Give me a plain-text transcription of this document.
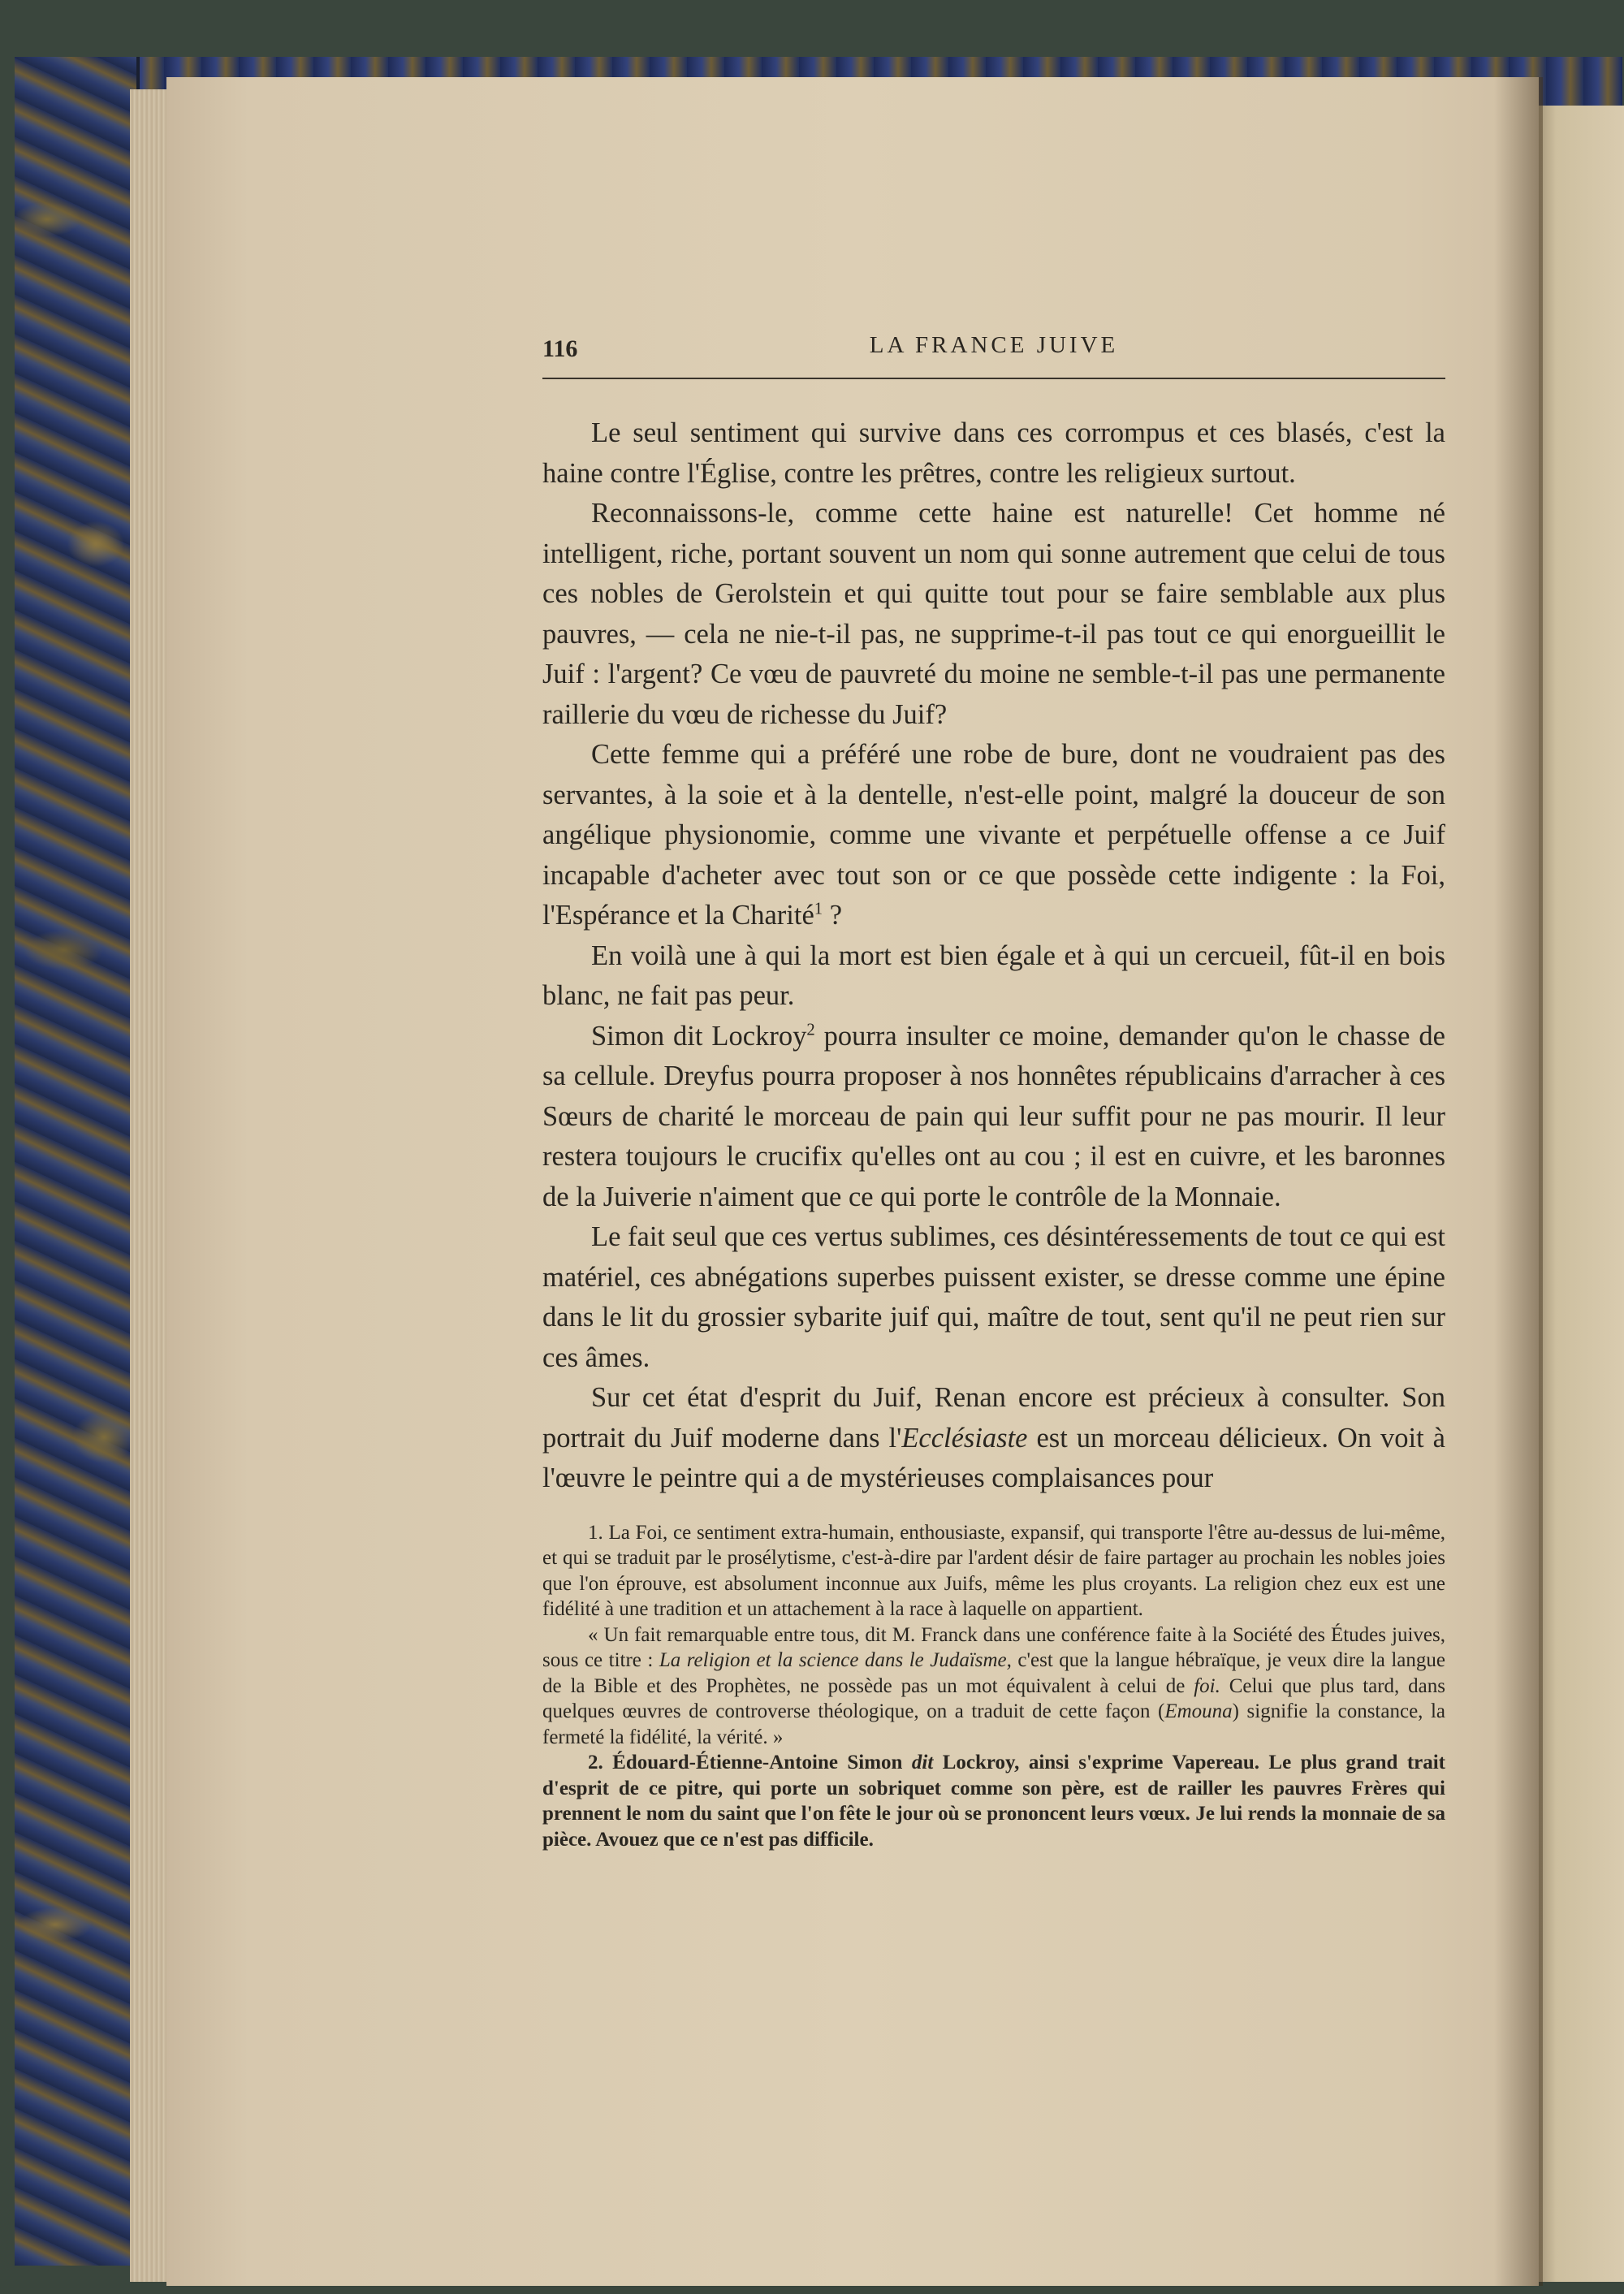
116	LA FRANCE JUIVE

Le seul sentiment qui survive dans ces corrompus et ces blasés, c'est la haine contre l'Église, contre les prêtres, contre les religieux surtout.

Reconnaissons-le, comme cette haine est naturelle! Cet homme né intelligent, riche, portant souvent un nom qui sonne autrement que celui de tous ces nobles de Gerolstein et qui quitte tout pour se faire semblable aux plus pauvres, — cela ne nie-t-il pas, ne supprime-t-il pas tout ce qui enorgueillit le Juif : l'argent? Ce vœu de pauvreté du moine ne semble-t-il pas une permanente raillerie du vœu de richesse du Juif?

Cette femme qui a préféré une robe de bure, dont ne voudraient pas des servantes, à la soie et à la dentelle, n'est-elle point, malgré la douceur de son angélique physionomie, comme une vivante et perpétuelle offense a ce Juif incapable d'acheter avec tout son or ce que possède cette indigente : la Foi, l'Espérance et la Charité$^1$ ?

En voilà une à qui la mort est bien égale et à qui un cercueil, fût-il en bois blanc, ne fait pas peur.

Simon dit Lockroy$^2$ pourra insulter ce moine, demander qu'on le chasse de sa cellule. Dreyfus pourra proposer à nos honnêtes républicains d'arracher à ces Sœurs de charité le morceau de pain qui leur suffit pour ne pas mourir. Il leur restera toujours le crucifix qu'elles ont au cou ; il est en cuivre, et les baronnes de la Juiverie n'aiment que ce qui porte le contrôle de la Monnaie.

Le fait seul que ces vertus sublimes, ces désintéressements de tout ce qui est matériel, ces abnégations superbes puissent exister, se dresse comme une épine dans le lit du grossier sybarite juif qui, maître de tout, sent qu'il ne peut rien sur ces âmes.

Sur cet état d'esprit du Juif, Renan encore est précieux à consulter. Son portrait du Juif moderne dans l'Ecclésiaste est un morceau délicieux. On voit à l'œuvre le peintre qui a de mystérieuses complaisances pour

1. La Foi, ce sentiment extra-humain, enthousiaste, expansif, qui transporte l'être au-dessus de lui-même, et qui se traduit par le prosélytisme, c'est-à-dire par l'ardent désir de faire partager au prochain les nobles joies que l'on éprouve, est absolument inconnue aux Juifs, même les plus croyants. La religion chez eux est une fidélité à une tradition et un attachement à la race à laquelle on appartient.

« Un fait remarquable entre tous, dit M. Franck dans une conférence faite à la Société des Études juives, sous ce titre : La religion et la science dans le Judaïsme, c'est que la langue hébraïque, je veux dire la langue de la Bible et des Prophètes, ne possède pas un mot équivalent à celui de foi. Celui que plus tard, dans quelques œuvres de controverse théologique, on a traduit de cette façon (Emouna) signifie la constance, la fermeté la fidélité, la vérité. »

2. Édouard-Étienne-Antoine Simon dit Lockroy, ainsi s'exprime Vapereau. Le plus grand trait d'esprit de ce pitre, qui porte un sobriquet comme son père, est de railler les pauvres Frères qui prennent le nom du saint que l'on fête le jour où se prononcent leurs vœux. Je lui rends la monnaie de sa pièce. Avouez que ce n'est pas difficile.
